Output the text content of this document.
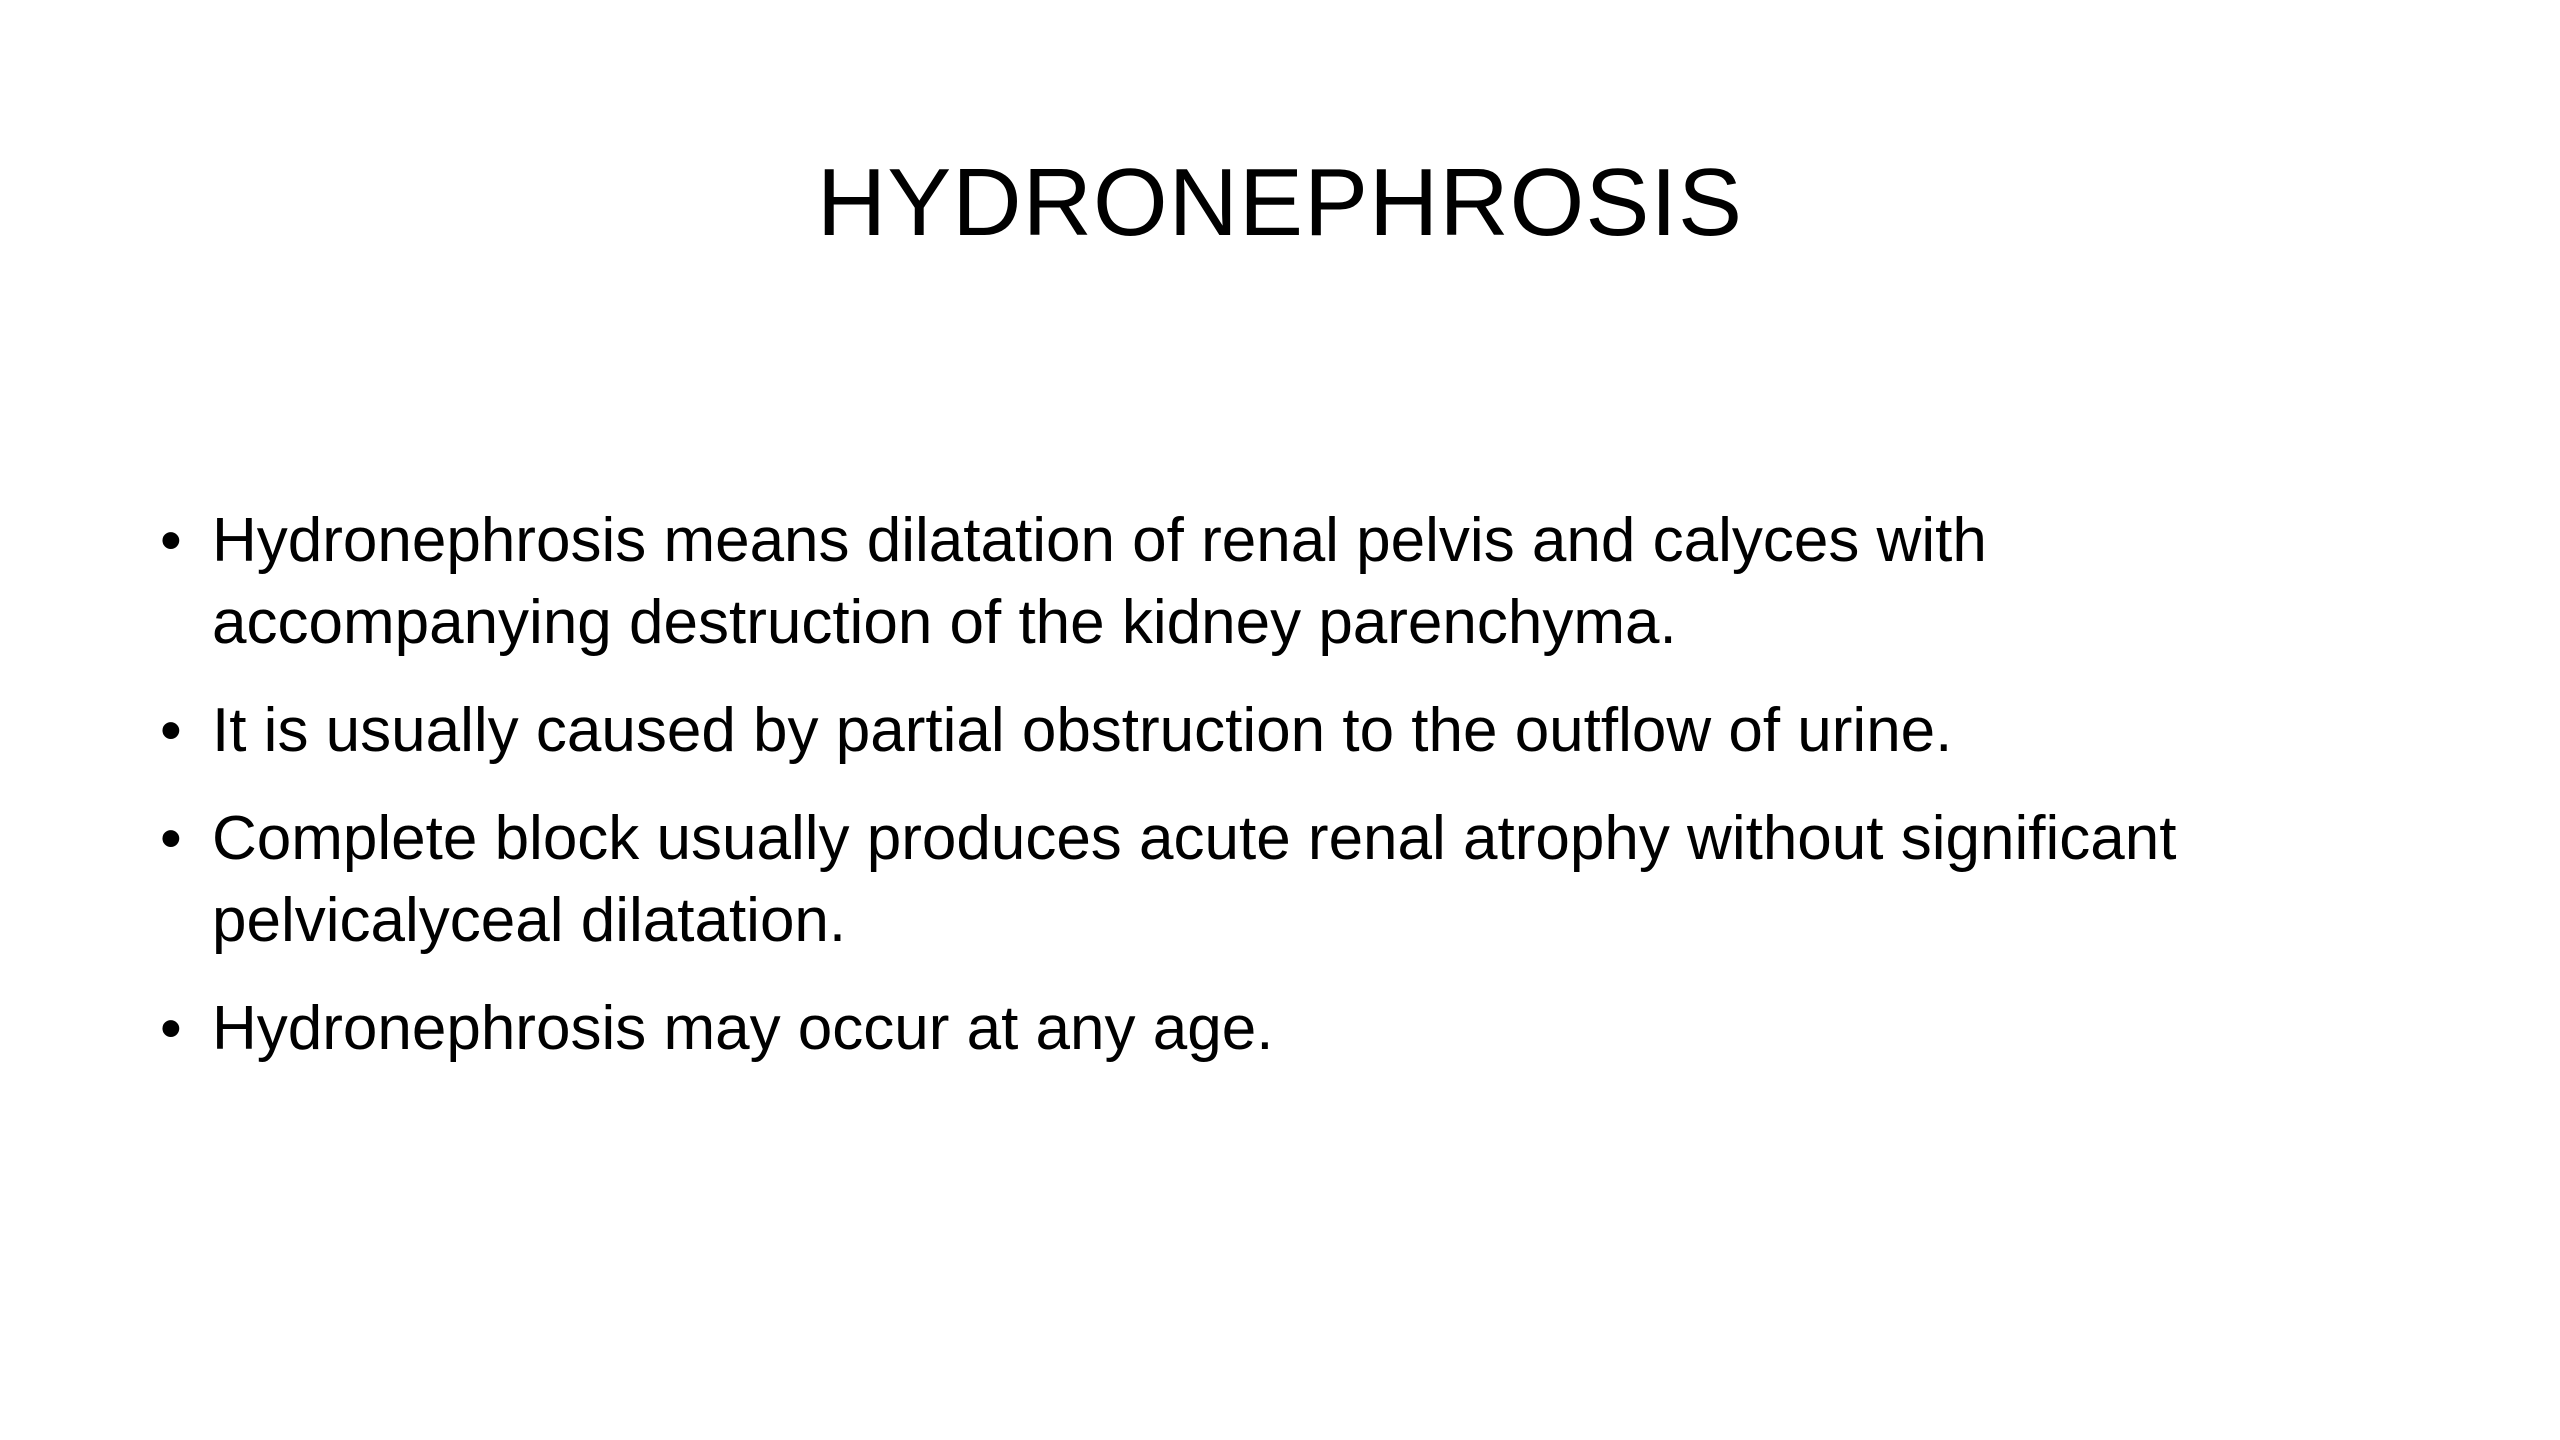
HYDRONEPHROSIS
• Hydronephrosis means dilatation of renal pelvis and calyces with accompanying destruction of the kidney parenchyma.
• It is usually caused by partial obstruction to the outflow of urine.
• Complete block usually produces acute renal atrophy without significant pelvicalyceal dilatation.
• Hydronephrosis may occur at any age.
